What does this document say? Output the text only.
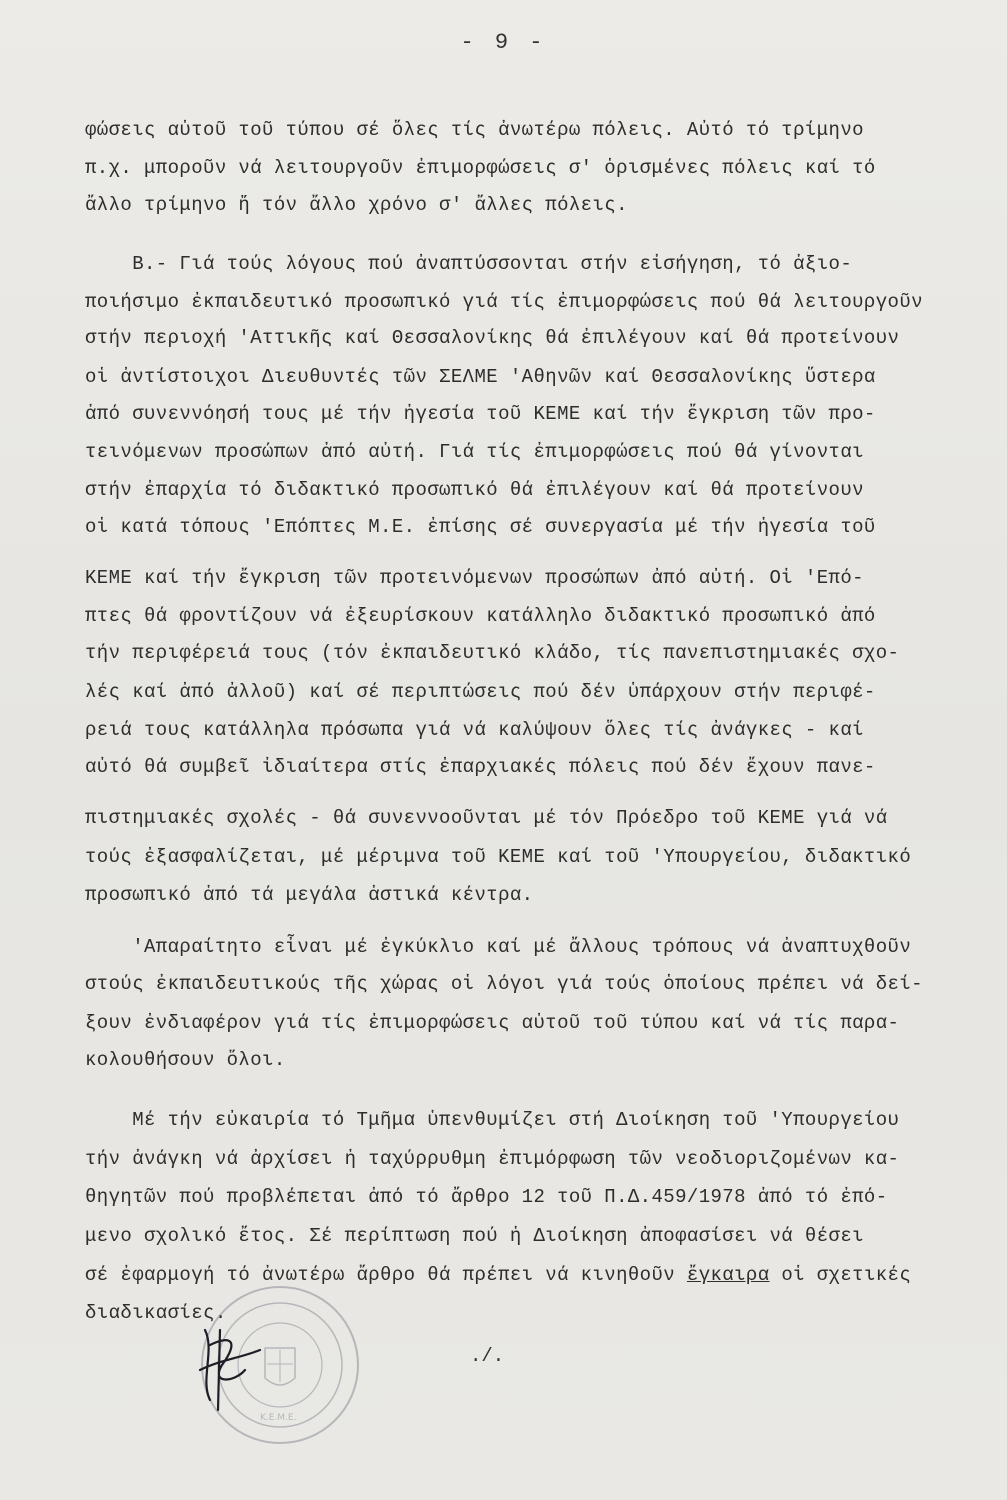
- 9 -
φώσεις αὐτοῦ τοῦ τύπου σέ ὅλες τίς ἀνωτέρω πόλεις. Αὐτό τό τρίμηνο
π.χ. μποροῦν νά λειτουργοῦν ἐπιμορφώσεις σ' ὁρισμένες πόλεις καί τό
ἄλλο τρίμηνο ἤ τόν ἄλλο χρόνο σ' ἄλλες πόλεις.
Β.- Γιά τούς λόγους πού ἀναπτύσσονται στήν εἰσήγηση, τό ἀξιο-
ποιήσιμο ἐκπαιδευτικό προσωπικό γιά τίς ἐπιμορφώσεις πού θά λειτουργοῦν
στήν περιοχή 'Αττικῆς καί Θεσσαλονίκης θά ἐπιλέγουν καί θά προτείνουν
οἱ ἀντίστοιχοι Διευθυντές τῶν ΣΕΛΜΕ 'Αθηνῶν καί Θεσσαλονίκης ὕστερα
ἀπό συνεννόησή τους μέ τήν ἡγεσία τοῦ ΚΕΜΕ καί τήν ἔγκριση τῶν προ-
τεινόμενων προσώπων ἀπό αὐτή. Γιά τίς ἐπιμορφώσεις πού θά γίνονται
στήν ἐπαρχία τό διδακτικό προσωπικό θά ἐπιλέγουν καί θά προτείνουν
οἱ κατά τόπους 'Επόπτες Μ.Ε. ἐπίσης σέ συνεργασία μέ τήν ἡγεσία τοῦ
ΚΕΜΕ καί τήν ἔγκριση τῶν προτεινόμενων προσώπων ἀπό αὐτή. Οἱ 'Επό-
πτες θά φροντίζουν νά ἐξευρίσκουν κατάλληλο διδακτικό προσωπικό ἀπό
τήν περιφέρειά τους (τόν ἐκπαιδευτικό κλάδο, τίς πανεπιστημιακές σχο-
λές καί ἀπό ἀλλοῦ) καί σέ περιπτώσεις πού δέν ὑπάρχουν στήν περιφέ-
ρειά τους κατάλληλα πρόσωπα γιά νά καλύψουν ὅλες τίς ἀνάγκες - καί
αὐτό θά συμβεῖ ἰδιαίτερα στίς ἐπαρχιακές πόλεις πού δέν ἔχουν πανε-
πιστημιακές σχολές - θά συνεννοοῦνται μέ τόν Πρόεδρο τοῦ ΚΕΜΕ γιά νά
τούς ἐξασφαλίζεται, μέ μέριμνα τοῦ ΚΕΜΕ καί τοῦ 'Υπουργείου, διδακτικό
προσωπικό ἀπό τά μεγάλα ἀστικά κέντρα.
'Απαραίτητο εἶναι μέ ἐγκύκλιο καί μέ ἄλλους τρόπους νά ἀναπτυχθοῦν
στούς ἐκπαιδευτικούς τῆς χώρας οἱ λόγοι γιά τούς ὁποίους πρέπει νά δεί-
ξουν ἐνδιαφέρον γιά τίς ἐπιμορφώσεις αὐτοῦ τοῦ τύπου καί νά τίς παρα-
κολουθήσουν ὅλοι.
Μέ τήν εὐκαιρία τό Τμῆμα ὑπενθυμίζει στή Διοίκηση τοῦ 'Υπουργείου
τήν ἀνάγκη νά ἀρχίσει ἡ ταχύρρυθμη ἐπιμόρφωση τῶν νεοδιοριζομένων κα-
θηγητῶν πού προβλέπεται ἀπό τό ἄρθρο 12 τοῦ Π.Δ.459/1978 ἀπό τό ἐπό-
μενο σχολικό ἔτος. Σέ περίπτωση πού ἡ Διοίκηση ἀποφασίσει νά θέσει
σέ ἐφαρμογή τό ἀνωτέρω ἄρθρο θά πρέπει νά κινηθοῦν ἔγκαιρα οἱ σχετικές
διαδικασίες.
./.
Κ.Ε.Μ.Ε.
